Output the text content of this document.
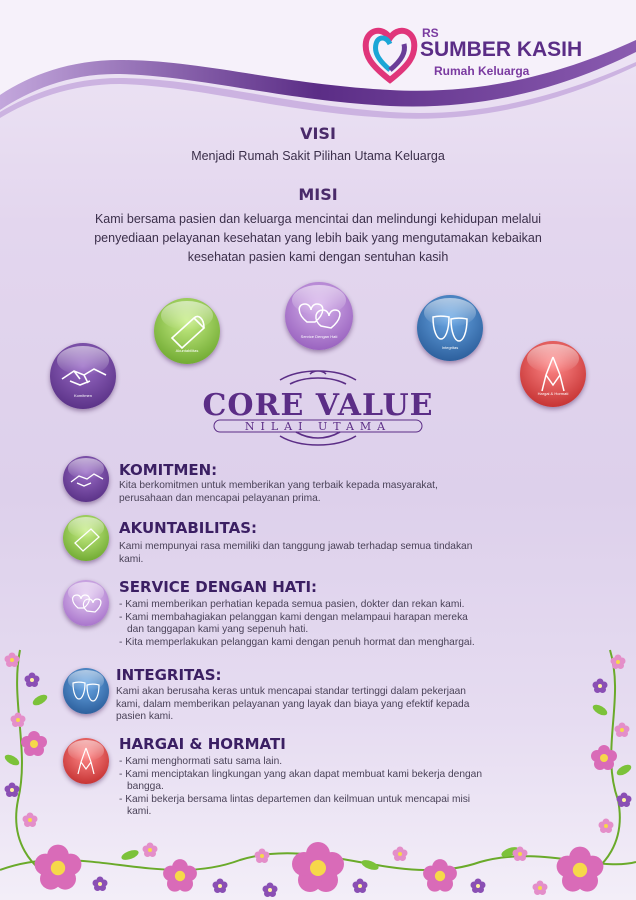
RS
SUMBER KASIH
Rumah Keluarga
VISI
Menjadi Rumah Sakit Pilihan Utama Keluarga
MISI
Kami bersama pasien dan keluarga mencintai dan melindungi kehidupan melalui
penyediaan pelayanan kesehatan yang lebih baik yang mengutamakan kebaikan
kesehatan pasien kami dengan sentuhan kasih
Komitmen
Akuntabilitas
Service Dengan Hati
Integritas
Hargai & Hormati
CORE VALUE
NILAI UTAMA
KOMITMEN:
Kita berkomitmen untuk memberikan yang terbaik kepada masyarakat,
perusahaan dan mencapai pelayanan prima.
AKUNTABILITAS:
Kami mempunyai rasa memiliki dan tanggung jawab terhadap semua tindakan
kami.
SERVICE DENGAN HATI:
- Kami memberikan perhatian kepada semua pasien, dokter dan rekan kami.
- Kami membahagiakan pelanggan kami dengan melampaui harapan mereka
dan tanggapan kami yang sepenuh hati.
- Kita memperlakukan pelanggan kami dengan penuh hormat dan menghargai.
INTEGRITAS:
Kami akan berusaha keras untuk mencapai standar tertinggi dalam pekerjaan
kami, dalam memberikan pelayanan yang layak dan biaya yang efektif kepada
pasien kami.
HARGAI & HORMATI
- Kami menghormati satu sama lain.
- Kami menciptakan lingkungan yang akan dapat membuat kami bekerja dengan
bangga.
- Kami bekerja bersama lintas departemen dan keilmuan untuk mencapai misi
kami.
